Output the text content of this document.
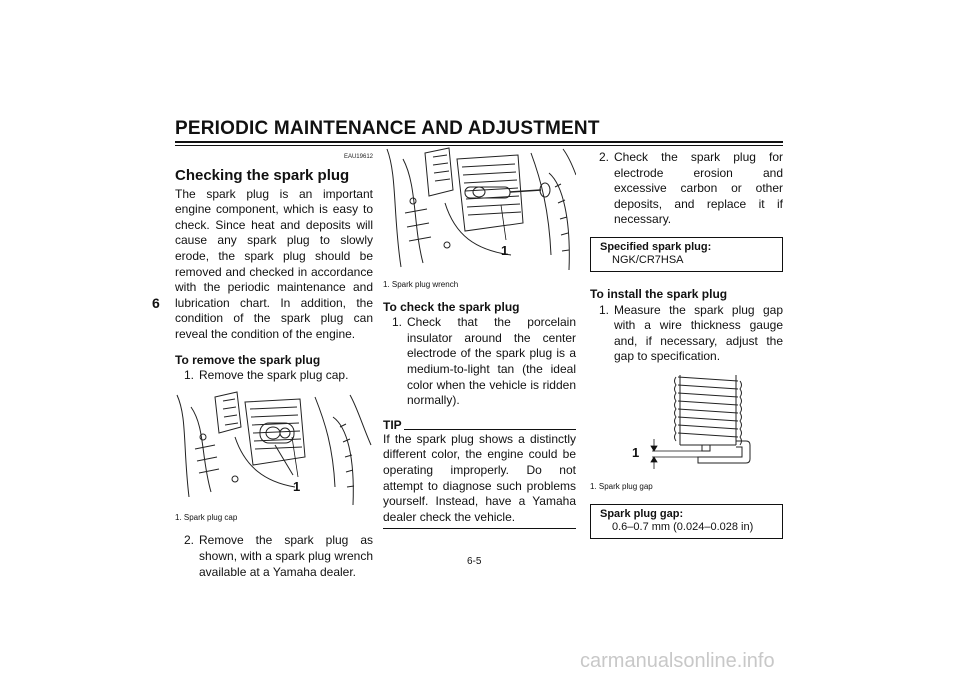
PERIODIC MAINTENANCE AND ADJUSTMENT
6
EAU19612
Checking the spark plug

The spark plug is an important engine component, which is easy to check. Since heat and deposits will cause any spark plug to slowly erode, the spark plug should be removed and checked in accordance with the periodic maintenance and lubrication chart. In addition, the condition of the spark plug can reveal the condition of the engine.

To remove the spark plug

1. Remove the spark plug cap.
1
1. Spark plug cap
2. Remove the spark plug as shown, with a spark plug wrench available at a Yamaha dealer.
1
1. Spark plug wrench

To check the spark plug

1. Check that the porcelain insulator around the center electrode of the spark plug is a medium-to-light tan (the ideal color when the vehicle is ridden normally).
TIP

If the spark plug shows a distinctly different color, the engine could be operating improperly. Do not attempt to diagnose such problems yourself. Instead, have a Yamaha dealer check the vehicle.

2. Check the spark plug for electrode erosion and excessive carbon or other deposits, and replace it if necessary.
Specified spark plug:
NGK/CR7HSA

To install the spark plug

1. Measure the spark plug gap with a wire thickness gauge and, if necessary, adjust the gap to specification.
1
1. Spark plug gap
Spark plug gap:
0.6–0.7 mm (0.024–0.028 in)
6-5
carmanualsonline.info
